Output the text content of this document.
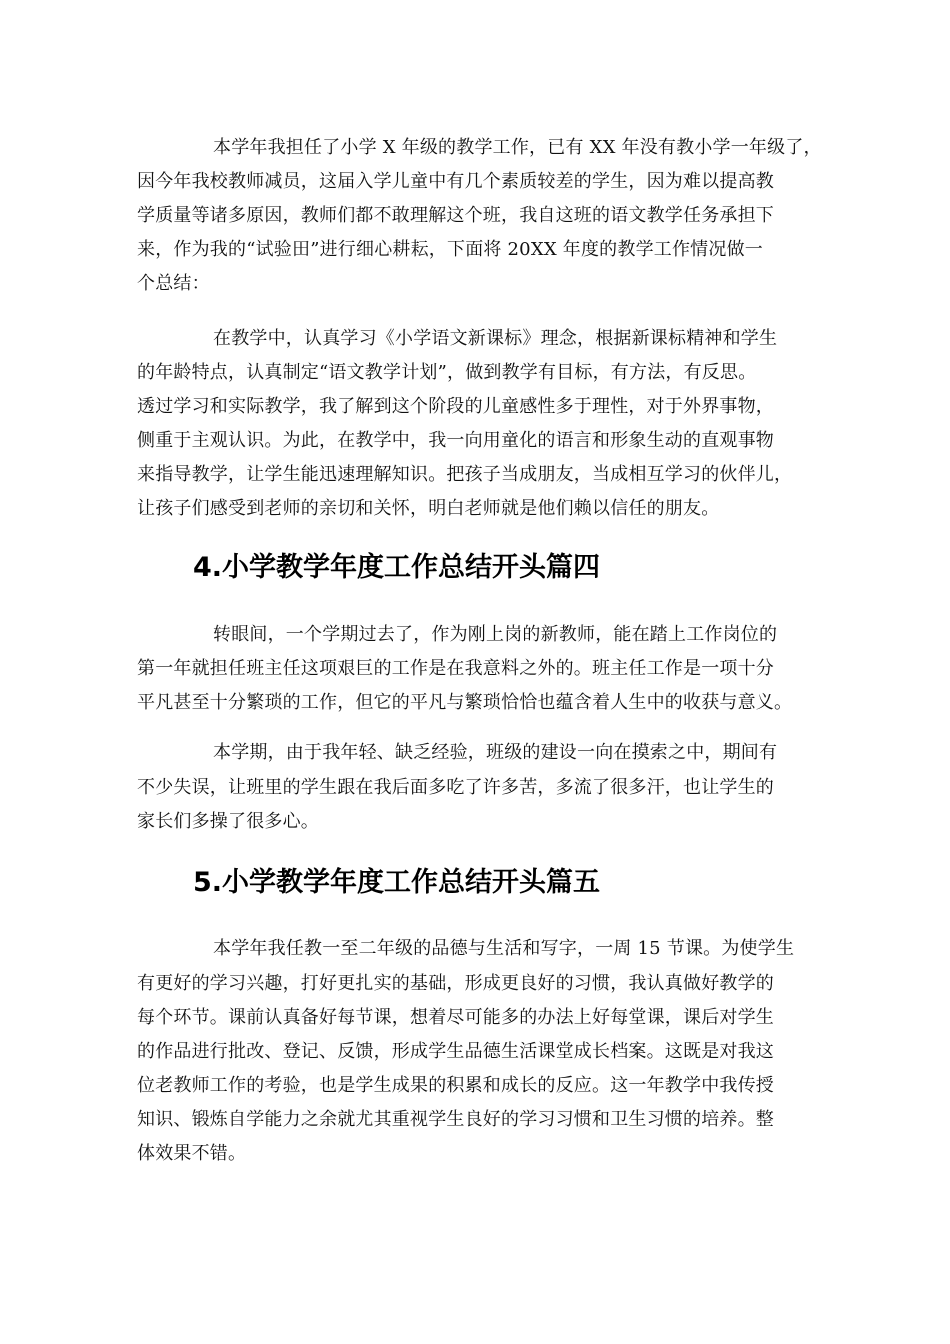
本学年我担任了小学 X 年级的教学工作，已有 XX 年没有教小学一年级了，
因今年我校教师减员，这届入学儿童中有几个素质较差的学生，因为难以提高教
学质量等诸多原因，教师们都不敢理解这个班，我自这班的语文教学任务承担下
来，作为我的“试验田”进行细心耕耘，下面将 20XX 年度的教学工作情况做一
个总结：
在教学中，认真学习《小学语文新课标》理念，根据新课标精神和学生
的年龄特点，认真制定“语文教学计划”，做到教学有目标，有方法，有反思。
透过学习和实际教学，我了解到这个阶段的儿童感性多于理性，对于外界事物，
侧重于主观认识。为此，在教学中，我一向用童化的语言和形象生动的直观事物
来指导教学，让学生能迅速理解知识。把孩子当成朋友，当成相互学习的伙伴儿，
让孩子们感受到老师的亲切和关怀，明白老师就是他们赖以信任的朋友。
4.小学教学年度工作总结开头篇四
转眼间，一个学期过去了，作为刚上岗的新教师，能在踏上工作岗位的
第一年就担任班主任这项艰巨的工作是在我意料之外的。班主任工作是一项十分
平凡甚至十分繁琐的工作，但它的平凡与繁琐恰恰也蕴含着人生中的收获与意义。
本学期，由于我年轻、缺乏经验，班级的建设一向在摸索之中，期间有
不少失误，让班里的学生跟在我后面多吃了许多苦，多流了很多汗，也让学生的
家长们多操了很多心。
5.小学教学年度工作总结开头篇五
本学年我任教一至二年级的品德与生活和写字，一周 15 节课。为使学生
有更好的学习兴趣，打好更扎实的基础，形成更良好的习惯，我认真做好教学的
每个环节。课前认真备好每节课，想着尽可能多的办法上好每堂课，课后对学生
的作品进行批改、登记、反馈，形成学生品德生活课堂成长档案。这既是对我这
位老教师工作的考验，也是学生成果的积累和成长的反应。这一年教学中我传授
知识、锻炼自学能力之余就尤其重视学生良好的学习习惯和卫生习惯的培养。整
体效果不错。
